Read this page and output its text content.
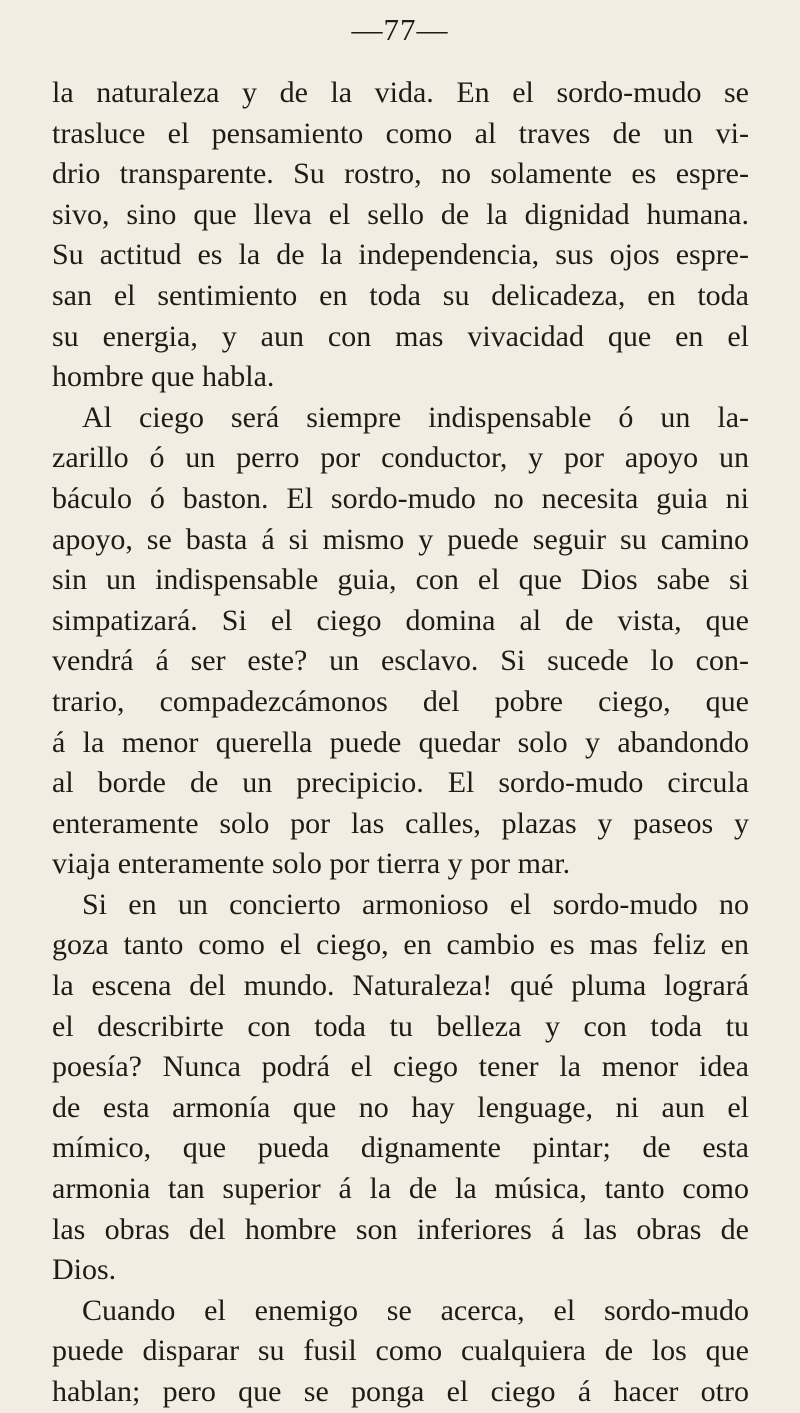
—77—
la naturaleza y de la vida. En el sordo-mudo se
trasluce el pensamiento como al traves de un vi-
drio transparente. Su rostro, no solamente es espre-
sivo, sino que lleva el sello de la dignidad humana.
Su actitud es la de la independencia, sus ojos espre-
san el sentimiento en toda su delicadeza, en toda
su energia, y aun con mas vivacidad que en el
hombre que habla.
Al ciego será siempre indispensable ó un la-
zarillo ó un perro por conductor, y por apoyo un
báculo ó baston. El sordo-mudo no necesita guia ni
apoyo, se basta á si mismo y puede seguir su camino
sin un indispensable guia, con el que Dios sabe si
simpatizará. Si el ciego domina al de vista, que
vendrá á ser este? un esclavo. Si sucede lo con-
trario, compadezcámonos del pobre ciego, que
á la menor querella puede quedar solo y abandondo
al borde de un precipicio. El sordo-mudo circula
enteramente solo por las calles, plazas y paseos y
viaja enteramente solo por tierra y por mar.
Si en un concierto armonioso el sordo-mudo no
goza tanto como el ciego, en cambio es mas feliz en
la escena del mundo. Naturaleza! qué pluma logrará
el describirte con toda tu belleza y con toda tu
poesía? Nunca podrá el ciego tener la menor idea
de esta armonía que no hay lenguage, ni aun el
mímico, que pueda dignamente pintar; de esta
armonia tan superior á la de la música, tanto como
las obras del hombre son inferiores á las obras de
Dios.
Cuando el enemigo se acerca, el sordo-mudo
puede disparar su fusil como cualquiera de los que
hablan; pero que se ponga el ciego á hacer otro
